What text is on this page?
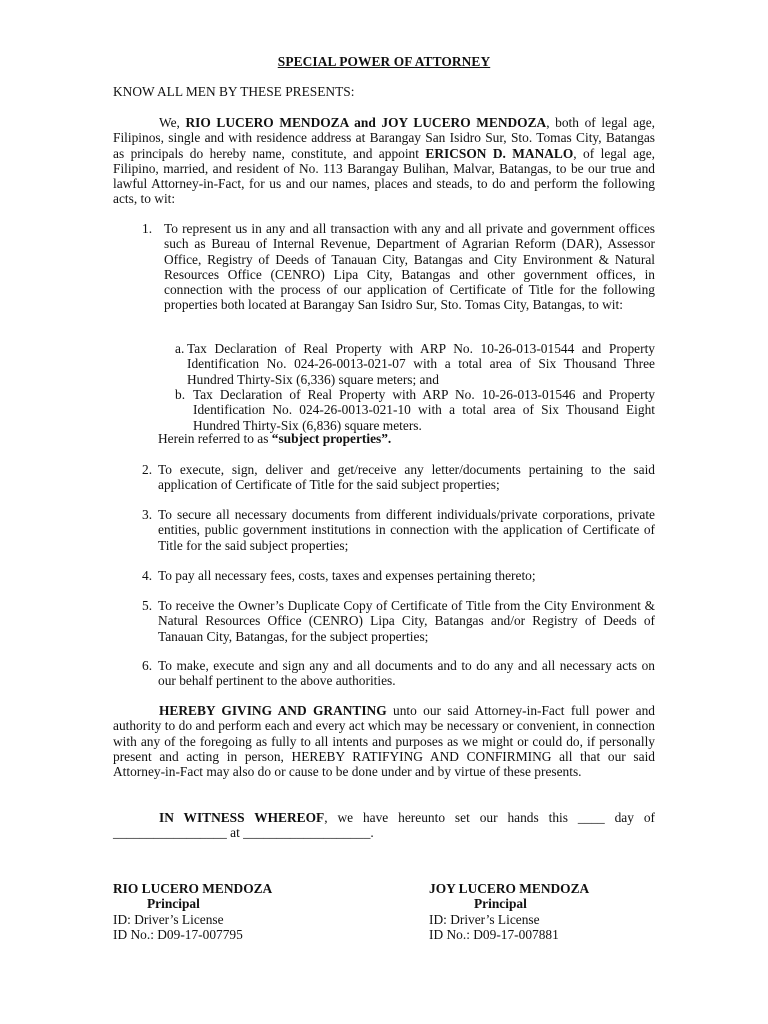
SPECIAL POWER OF ATTORNEY
KNOW ALL MEN BY THESE PRESENTS:
We, RIO LUCERO MENDOZA and JOY LUCERO MENDOZA, both of legal age, Filipinos, single and with residence address at Barangay San Isidro Sur, Sto. Tomas City, Batangas as principals do hereby name, constitute, and appoint ERICSON D. MANALO, of legal age, Filipino, married, and resident of No. 113 Barangay Bulihan, Malvar, Batangas, to be our true and lawful Attorney-in-Fact, for us and our names, places and steads, to do and perform the following acts, to wit:
1. To represent us in any and all transaction with any and all private and government offices such as Bureau of Internal Revenue, Department of Agrarian Reform (DAR), Assessor Office, Registry of Deeds of Tanauan City, Batangas and City Environment & Natural Resources Office (CENRO) Lipa City, Batangas and other government offices, in connection with the process of our application of Certificate of Title for the following properties both located at Barangay San Isidro Sur, Sto. Tomas City, Batangas, to wit:
a. Tax Declaration of Real Property with ARP No. 10-26-013-01544 and Property Identification No. 024-26-0013-021-07 with a total area of Six Thousand Three Hundred Thirty-Six (6,336) square meters; and
b. Tax Declaration of Real Property with ARP No. 10-26-013-01546 and Property Identification No. 024-26-0013-021-10 with a total area of Six Thousand Eight Hundred Thirty-Six (6,836) square meters.
Herein referred to as “subject properties”.
2. To execute, sign, deliver and get/receive any letter/documents pertaining to the said application of Certificate of Title for the said subject properties;
3. To secure all necessary documents from different individuals/private corporations, private entities, public government institutions in connection with the application of Certificate of Title for the said subject properties;
4. To pay all necessary fees, costs, taxes and expenses pertaining thereto;
5. To receive the Owner’s Duplicate Copy of Certificate of Title from the City Environment & Natural Resources Office (CENRO) Lipa City, Batangas and/or Registry of Deeds of Tanauan City, Batangas, for the subject properties;
6. To make, execute and sign any and all documents and to do any and all necessary acts on our behalf pertinent to the above authorities.
HEREBY GIVING AND GRANTING unto our said Attorney-in-Fact full power and authority to do and perform each and every act which may be necessary or convenient, in connection with any of the foregoing as fully to all intents and purposes as we might or could do, if personally present and acting in person, HEREBY RATIFYING AND CONFIRMING all that our said Attorney-in-Fact may also do or cause to be done under and by virtue of these presents.
IN WITNESS WHEREOF, we have hereunto set our hands this ____ day of _________________ at ___________________.
RIO LUCERO MENDOZA
Principal
ID: Driver’s License
ID No.: D09-17-007795
JOY LUCERO MENDOZA
Principal
ID: Driver’s License
ID No.: D09-17-007881
